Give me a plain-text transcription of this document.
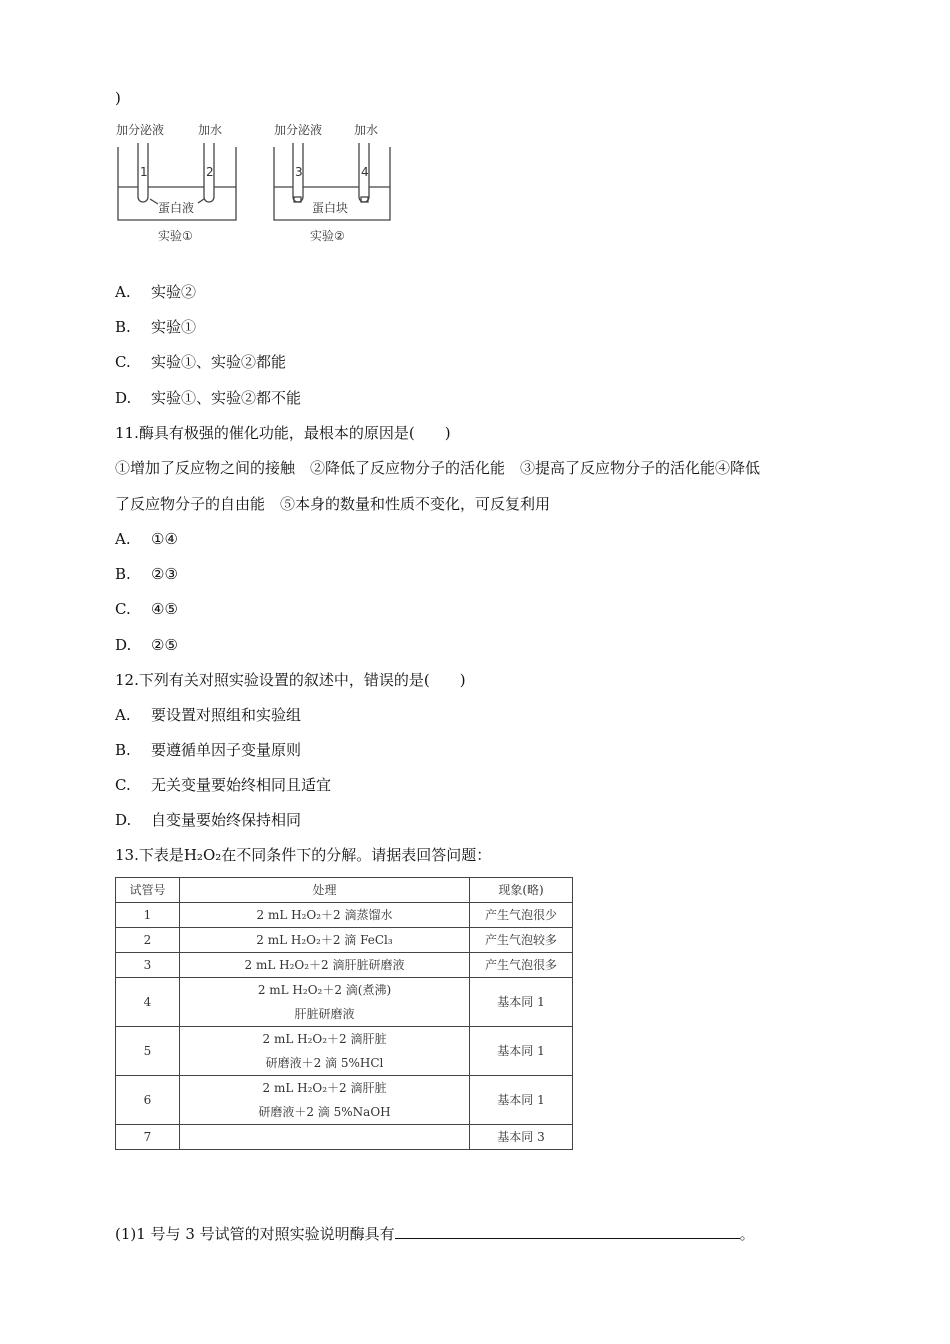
)
加分泌液	加水
1	2
蛋白液
实验①
加分泌液	加水
3	4
蛋白块
实验②
A. 实验②
B. 实验①
C. 实验①、实验②都能
D. 实验①、实验②都不能
11.酶具有极强的催化功能，最根本的原因是(　　)
①增加了反应物之间的接触　②降低了反应物分子的活化能　③提高了反应物分子的活化能④降低
了反应物分子的自由能　⑤本身的数量和性质不变化，可反复利用
A. ①④
B. ②③
C. ④⑤
D. ②⑤
12.下列有关对照实验设置的叙述中，错误的是(　　)
A. 要设置对照组和实验组
B. 要遵循单因子变量原则
C. 无关变量要始终相同且适宜
D. 自变量要始终保持相同
13.下表是H₂O₂在不同条件下的分解。请据表回答问题：
试管号	处理	现象(略)
1	2 mL H₂O₂＋2 滴蒸馏水	产生气泡很少
2	2 mL H₂O₂＋2 滴 FeCl₃	产生气泡较多
3	2 mL H₂O₂＋2 滴肝脏研磨液	产生气泡很多
4	2 mL H₂O₂＋2 滴(煮沸)
肝脏研磨液	基本同 1
5	2 mL H₂O₂＋2 滴肝脏
研磨液＋2 滴 5%HCl	基本同 1
6	2 mL H₂O₂＋2 滴肝脏
研磨液＋2 滴 5%NaOH	基本同 1
7		基本同 3
(1)1 号与 3 号试管的对照实验说明酶具有	。
